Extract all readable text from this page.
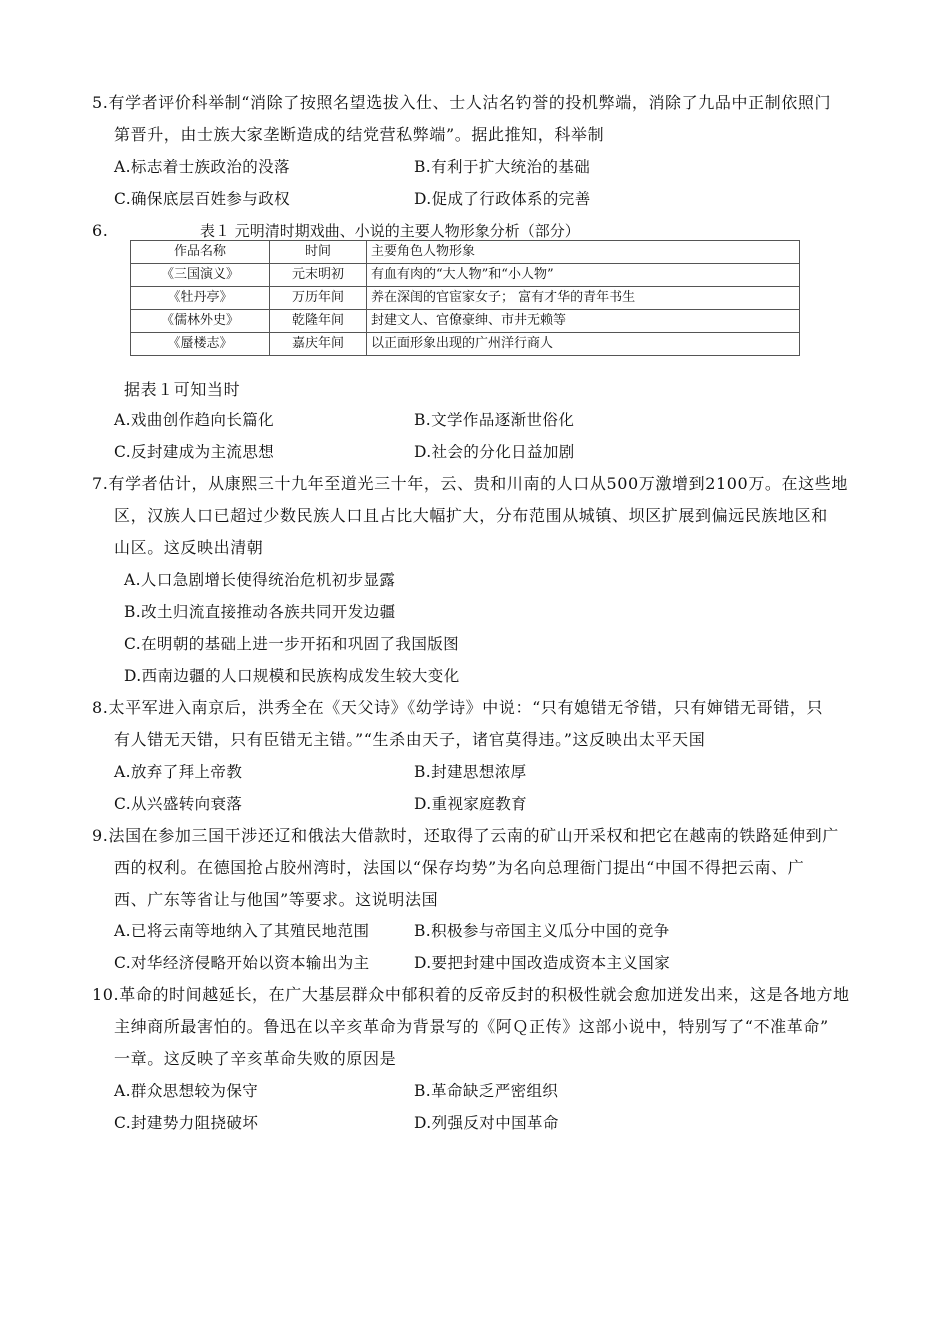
5.有学者评价科举制“消除了按照名望选拔入仕、士人沽名钓誉的投机弊端，消除了九品中正制依照门
第晋升，由士族大家垄断造成的结党营私弊端”。据此推知，科举制
A.标志着士族政治的没落	B.有利于扩大统治的基础
C.确保底层百姓参与政权	D.促成了行政体系的完善
6.	表１ 元明清时期戏曲、小说的主要人物形象分析（部分）
作品名称	时间	主要角色人物形象
《三国演义》	元末明初	有血有肉的“大人物”和“小人物”
《牡丹亭》	万历年间	养在深闺的官宦家女子； 富有才华的青年书生
《儒林外史》	乾隆年间	封建文人、官僚豪绅、市井无赖等
《蜃楼志》	嘉庆年间	以正面形象出现的广州洋行商人
据表１可知当时
A.戏曲创作趋向长篇化	B.文学作品逐渐世俗化
C.反封建成为主流思想	D.社会的分化日益加剧
7.有学者估计，从康熙三十九年至道光三十年，云、贵和川南的人口从500万激增到2100万。在这些地
区，汉族人口已超过少数民族人口且占比大幅扩大，分布范围从城镇、坝区扩展到偏远民族地区和
山区。这反映出清朝
A.人口急剧增长使得统治危机初步显露
B.改土归流直接推动各族共同开发边疆
C.在明朝的基础上进一步开拓和巩固了我国版图
D.西南边疆的人口规模和民族构成发生较大变化
8.太平军进入南京后，洪秀全在《天父诗》《幼学诗》中说：“只有媳错无爷错，只有婶错无哥错，只
有人错无天错，只有臣错无主错。”“生杀由天子，诸官莫得违。”这反映出太平天国
A.放弃了拜上帝教	B.封建思想浓厚
C.从兴盛转向衰落	D.重视家庭教育
9.法国在参加三国干涉还辽和俄法大借款时，还取得了云南的矿山开采权和把它在越南的铁路延伸到广
西的权利。在德国抢占胶州湾时，法国以“保存均势”为名向总理衙门提出“中国不得把云南、广
西、广东等省让与他国”等要求。这说明法国
A.已将云南等地纳入了其殖民地范围	B.积极参与帝国主义瓜分中国的竞争
C.对华经济侵略开始以资本输出为主	D.要把封建中国改造成资本主义国家
10.革命的时间越延长，在广大基层群众中郁积着的反帝反封的积极性就会愈加迸发出来，这是各地方地
主绅商所最害怕的。鲁迅在以辛亥革命为背景写的《阿Ｑ正传》这部小说中，特别写了“不准革命”
一章。这反映了辛亥革命失败的原因是
A.群众思想较为保守	B.革命缺乏严密组织
C.封建势力阻挠破坏	D.列强反对中国革命
